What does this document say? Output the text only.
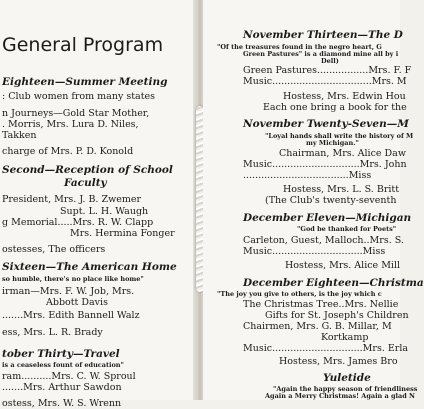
General Program
Eighteen—Summer Meeting
: Club women from many states
n Journeys—Gold Star Mother,
. Morris, Mrs. Lura D. Niles,
Takken
charge of Mrs. P. D. Konold
Second—Reception of School
Faculty
President, Mrs. J. B. Zwemer
Supt. L. H. Waugh
g Memorial.....Mrs. R. W. Clapp
Mrs. Hermina Fonger
ostesses, The officers
Sixteen—The American Home
so humble, there's no place like home"
irman—Mrs. F. W. Job, Mrs.
Abbott Davis
.......Mrs. Edith Bannell Walz
ess, Mrs. L. R. Brady
tober Thirty—Travel
is a ceaseless fount of education"
ram..........Mrs. C. W. Sproul
.......Mrs. Arthur Sawdon
ostess, Mrs. W. S. Wrenn
November Thirteen—The D
"Of the treasures found in the negro heart, G
Green Pastures" is a diamond mine all by i
Dell)
Green Pastures.................Mrs. F. F
Music.................................Mrs. M
Hostess, Mrs. Edwin Hou
Each one bring a book for the
November Twenty-Seven—M
"Loyal hands shall write the history of M
my Michigan."
Chairman, Mrs. Alice Daw
Music.............................Mrs. John
...................................Miss
Hostess, Mrs. L. S. Britt
(The Club's twenty-seventh
December Eleven—Michigan
"God be thanked for Poets"
Carleton, Guest, Malloch..Mrs. S.
Music..............................Miss
Hostess, Mrs. Alice Mill
December Eighteen—Christma
"The joy you give to others, is the joy which c
The Christmas Tree..Mrs. Nellie
Gifts for St. Joseph's Children
Chairmen, Mrs. G. B. Millar, M
Kortkamp
Music..............................Mrs. Erla
Hostess, Mrs. James Bro
Yuletide
"Again the happy season of friendliness
Again a Merry Christmas! Again a glad N
